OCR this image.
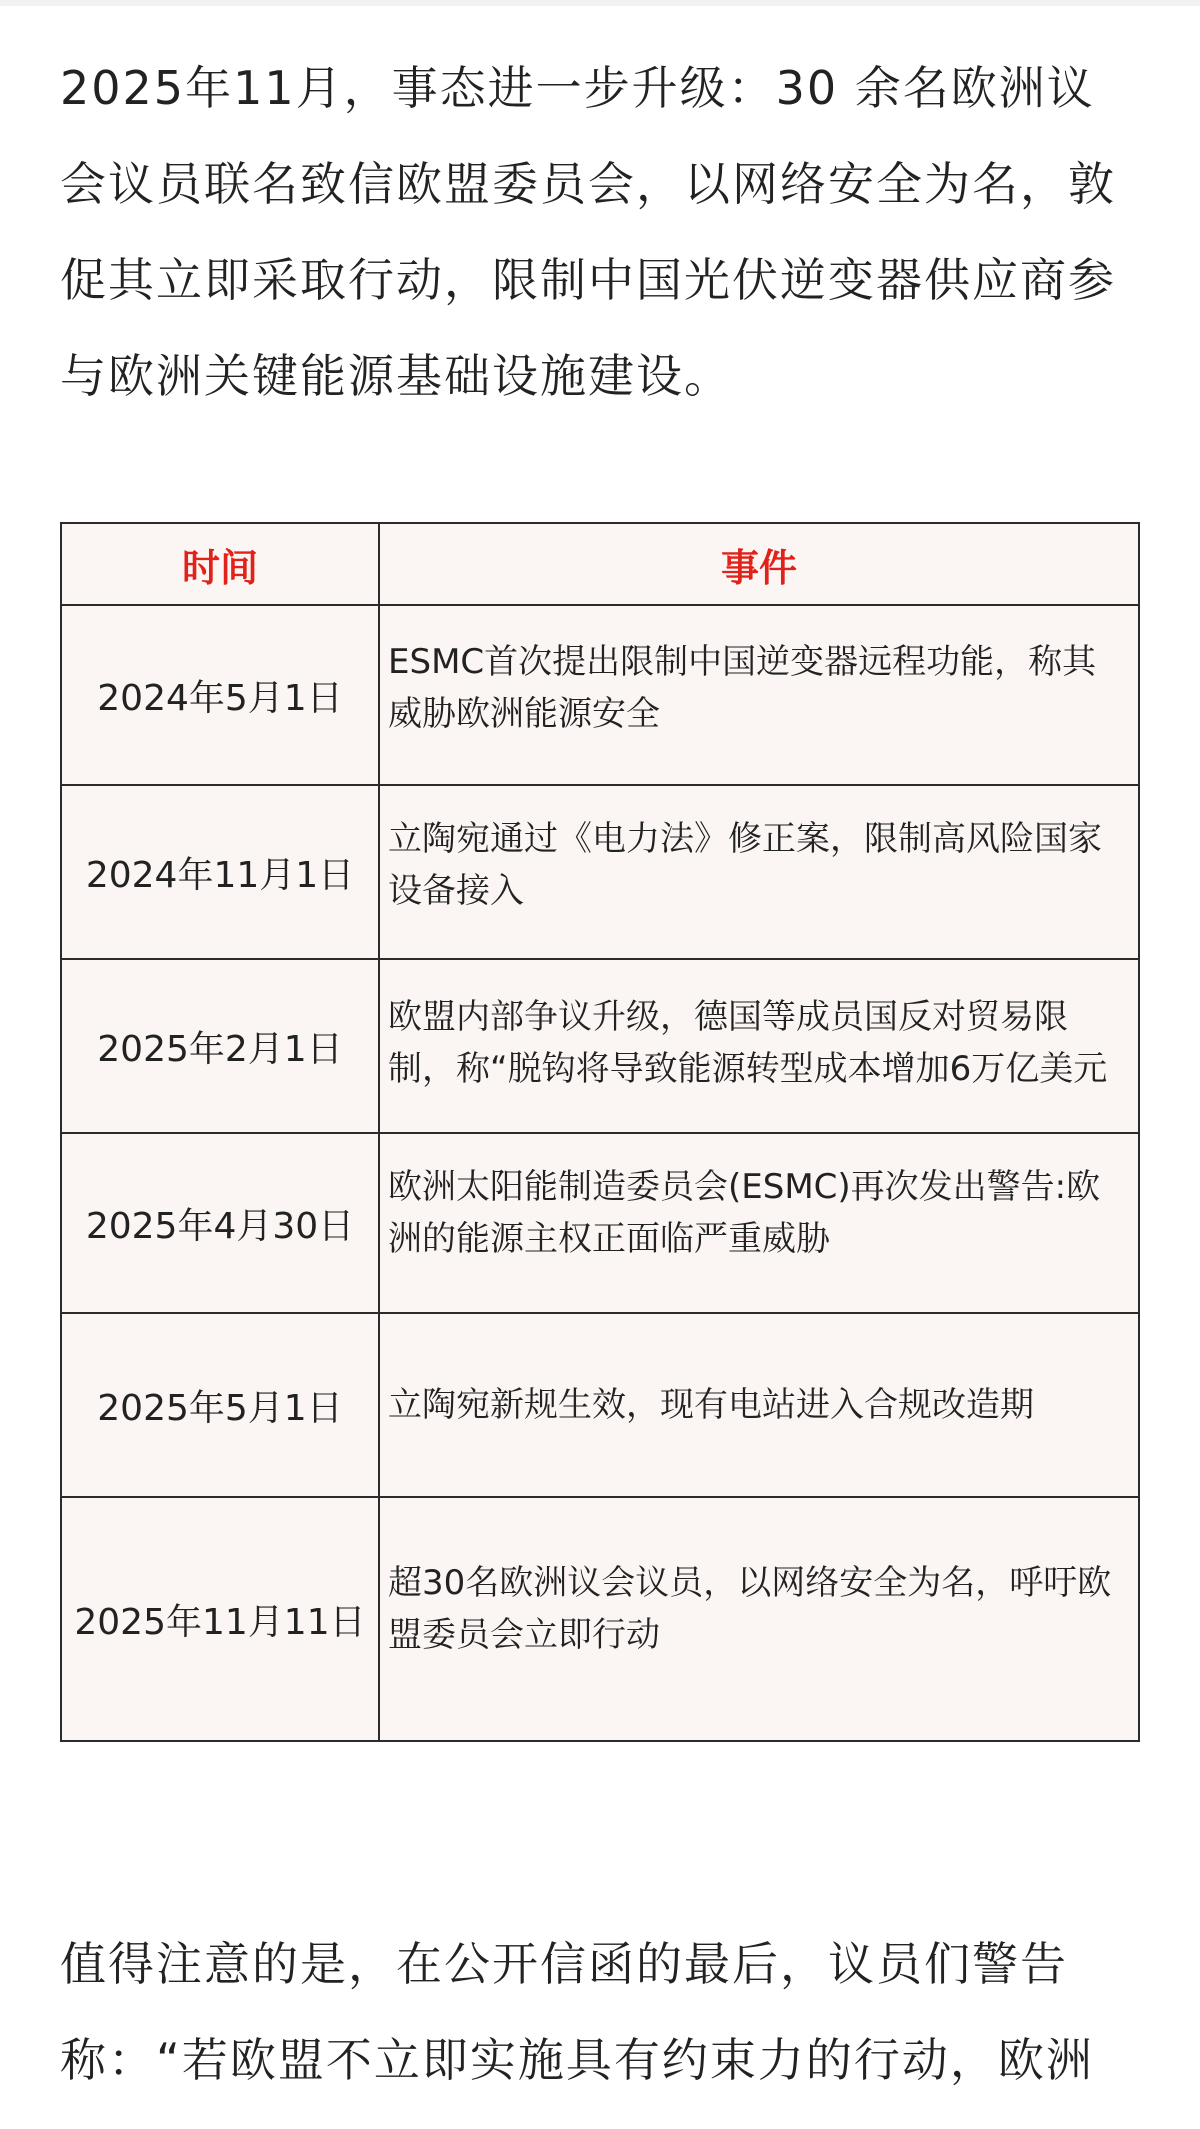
2025年11月，事态进一步升级：30 余名欧洲议会议员联名致信欧盟委员会，以网络安全为名，敦促其立即采取行动，限制中国光伏逆变器供应商参与欧洲关键能源基础设施建设。

时间	事件
2024年5月1日	ESMC首次提出限制中国逆变器远程功能，称其威胁欧洲能源安全

2024年11月1日	立陶宛通过《电力法》修正案，限制高风险国家设备接入

2025年2月1日	欧盟内部争议升级，德国等成员国反对贸易限制，称“脱钩将导致能源转型成本增加6万亿美元

2025年4月30日	欧洲太阳能制造委员会(ESMC)再次发出警告:欧洲的能源主权正面临严重威胁

2025年5月1日	立陶宛新规生效，现有电站进入合规改造期

2025年11月11日	超30名欧洲议会议员，以网络安全为名，呼吁欧盟委员会立即行动

值得注意的是，在公开信函的最后，议员们警告称：“若欧盟不立即实施具有约束力的行动，欧洲
